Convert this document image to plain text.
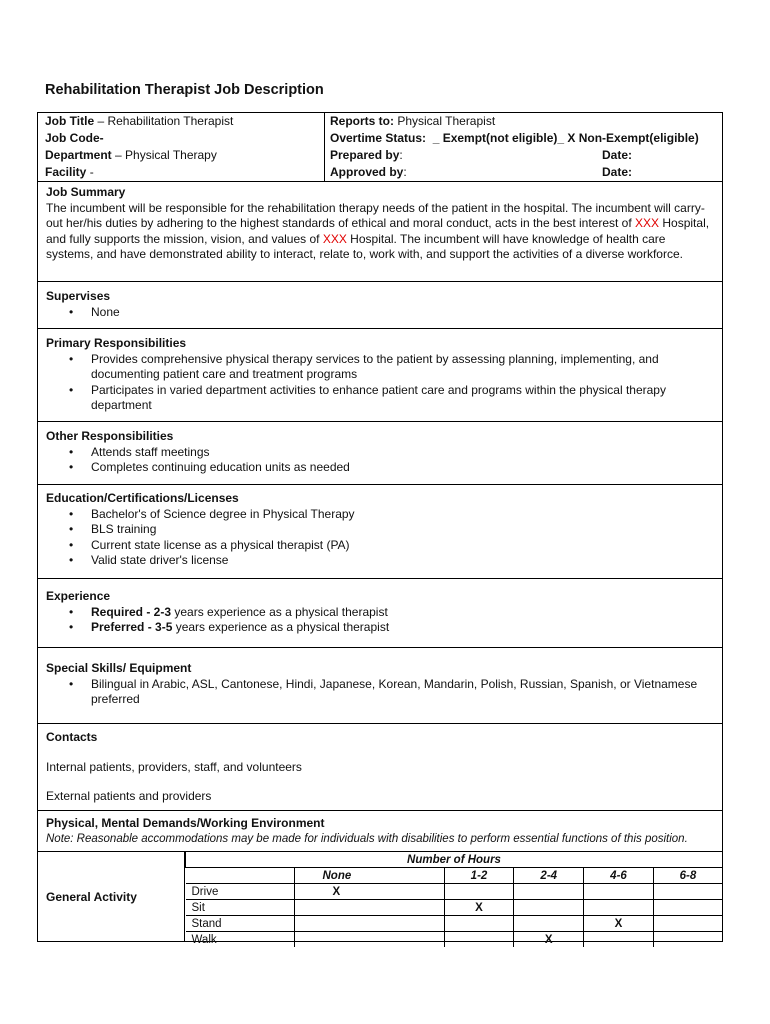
Rehabilitation Therapist Job Description
Job Title – Rehabilitation Therapist	Reports to: Physical Therapist
Job Code-	Overtime Status:  _ Exempt(not eligible)_ X Non-Exempt(eligible)
Department – Physical Therapy	Prepared by :	Date:
Facility -	Approved by :	Date:
Job Summary

The incumbent will be responsible for the rehabilitation therapy needs of the patient in the hospital. The incumbent will carry-out her/his duties by adhering to the highest standards of ethical and moral conduct, acts in the best interest of XXX Hospital, and fully supports the mission, vision, and values of XXX Hospital. The incumbent will have knowledge of health care systems, and have demonstrated ability to interact, relate to, work with, and support the activities of a diverse workforce.

Supervises
• None
Primary Responsibilities
• Provides comprehensive physical therapy services to the patient by assessing planning, implementing, and documenting patient care and treatment programs
• Participates in varied department activities to enhance patient care and programs within the physical therapy department
Other Responsibilities
• Attends staff meetings
• Completes continuing education units as needed
Education/Certifications/Licenses
• Bachelor's of Science degree in Physical Therapy
• BLS training
• Current state license as a physical therapist (PA)
• Valid state driver's license
Experience
• Required - 2-3 years experience as a physical therapist
• Preferred - 3-5 years experience as a physical therapist
Special Skills/ Equipment
• Bilingual in Arabic, ASL, Cantonese, Hindi, Japanese, Korean, Mandarin, Polish, Russian, Spanish, or Vietnamese preferred
Contacts

Internal patients, providers, staff, and volunteers

External patients and providers

Physical, Mental Demands/Working Environment

Note: Reasonable accommodations may be made for individuals with disabilities to perform essential functions of this position.

General Activity
Number of Hours					
	None	1-2	2-4	4-6	6-8
Drive	X				
Sit		X			
Stand				X	
Walk			X		
